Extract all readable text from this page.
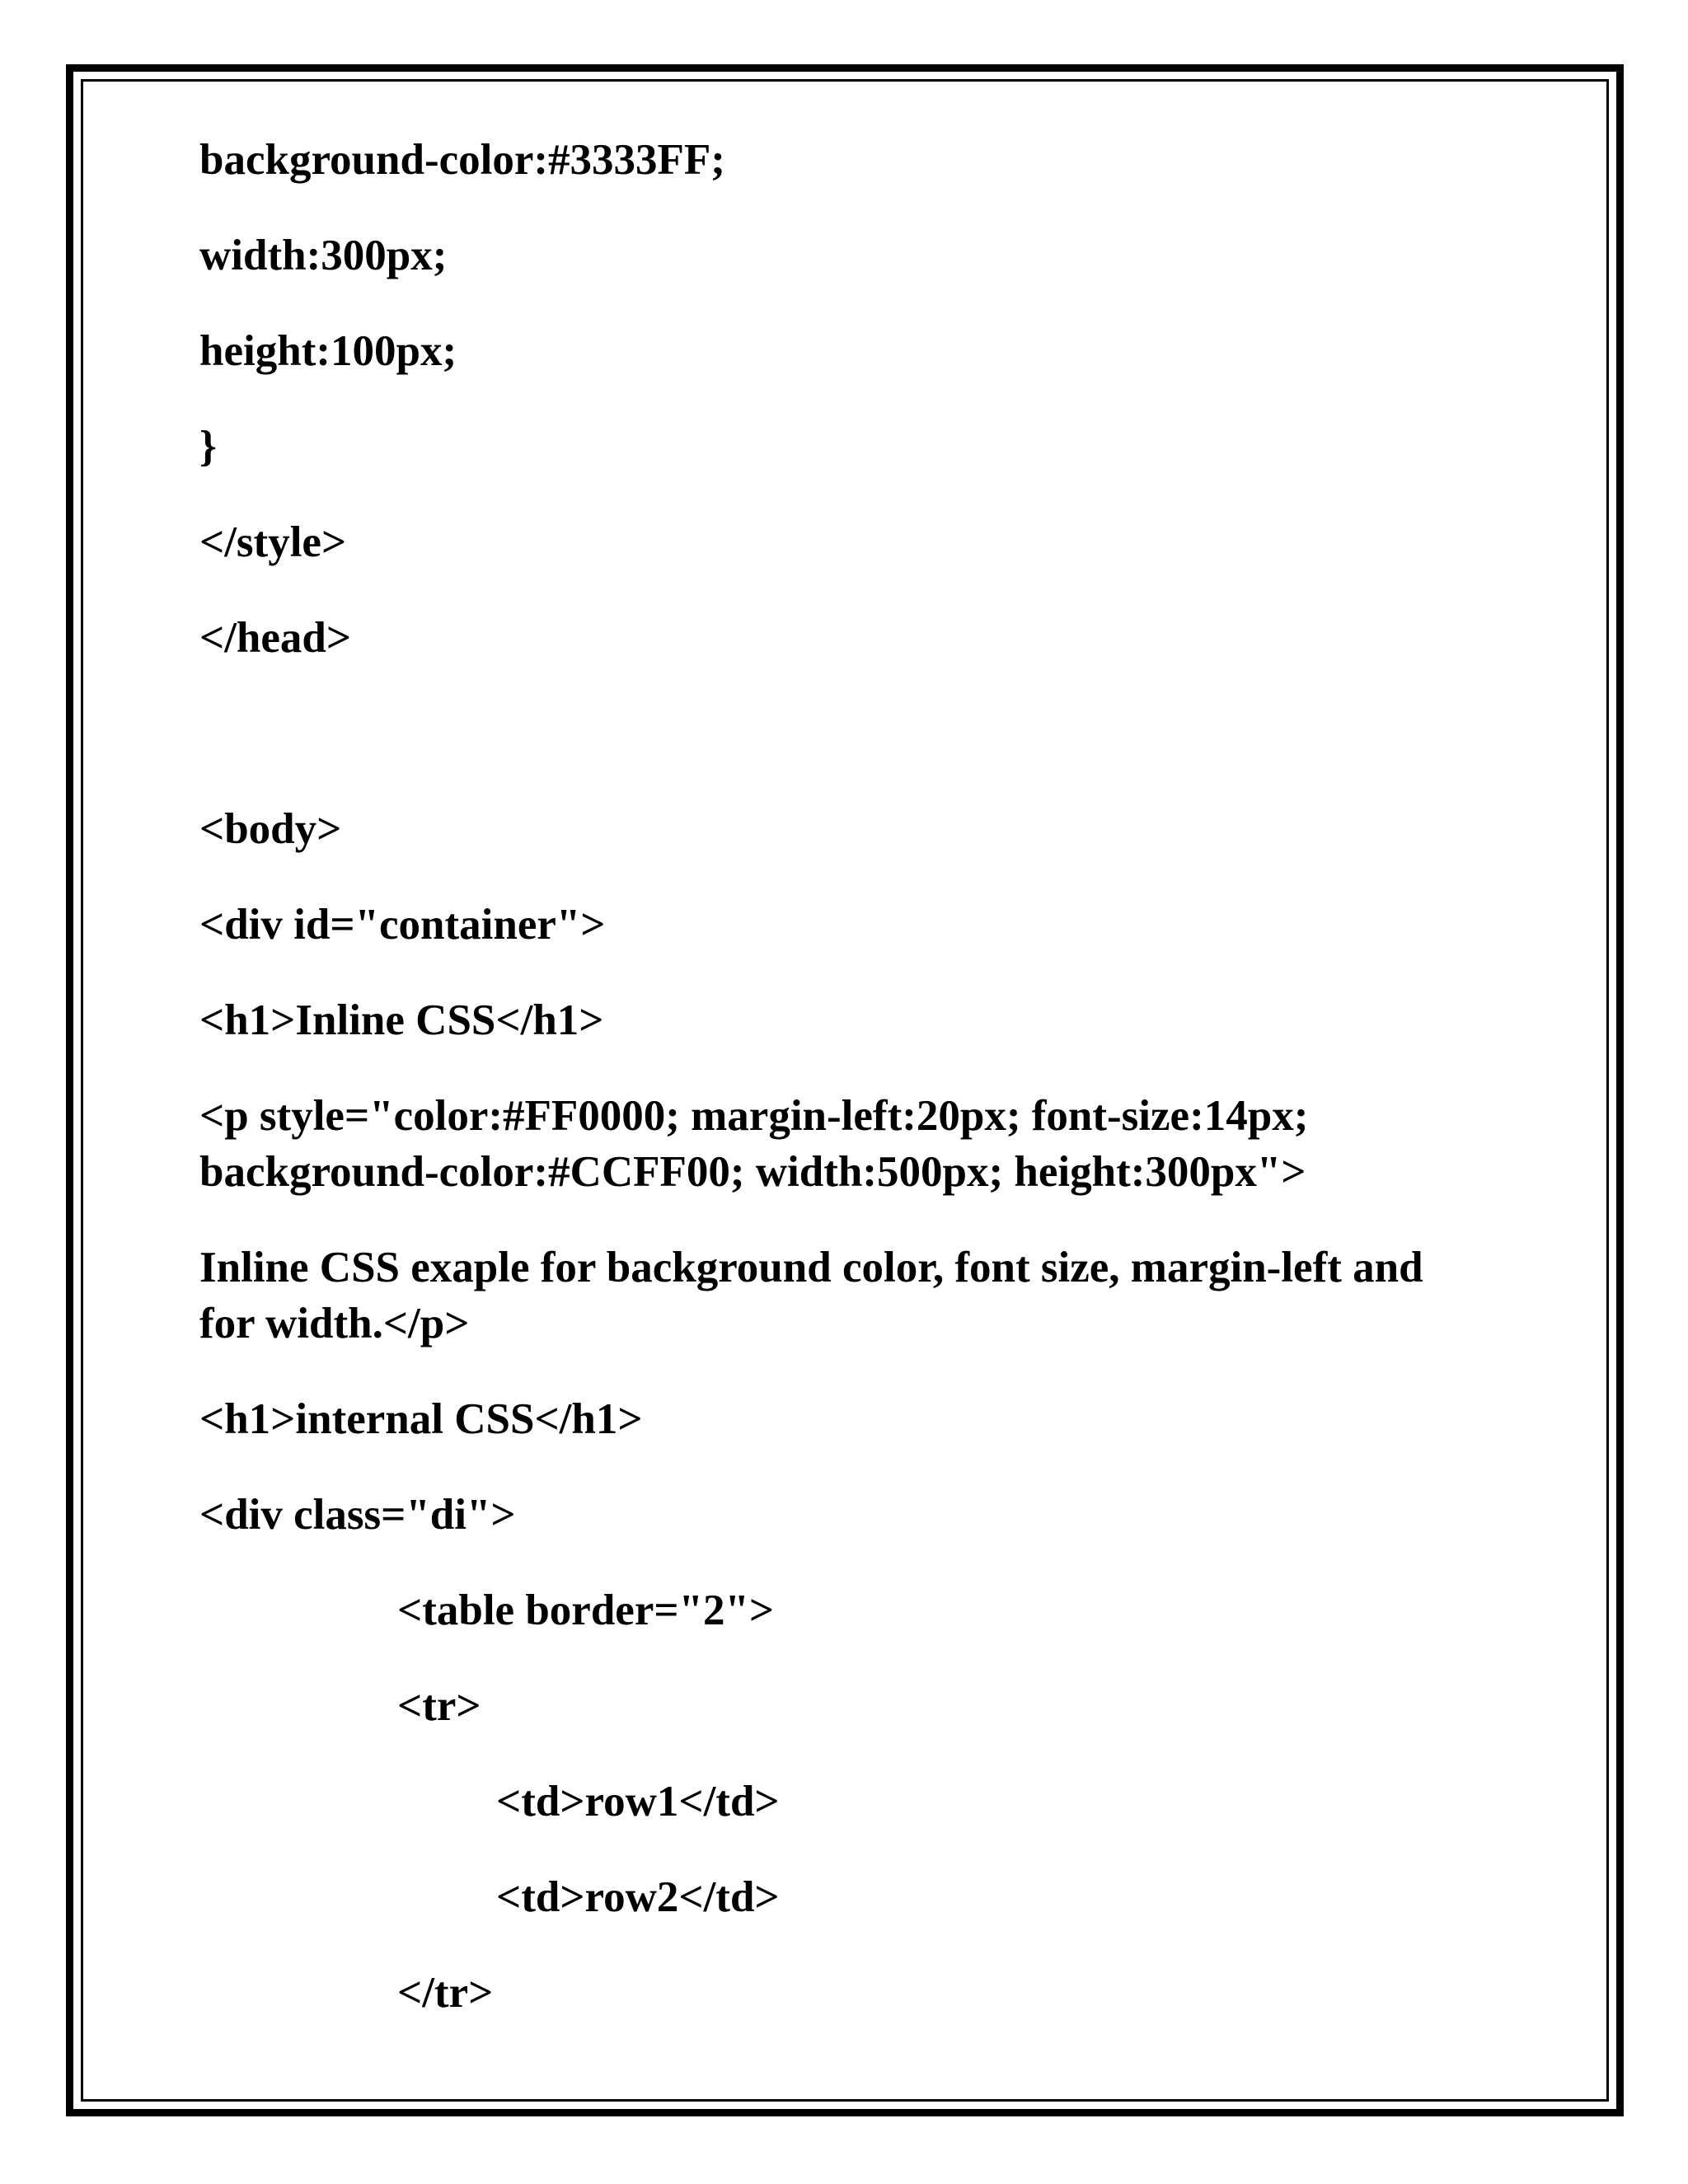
background-color:#3333FF;

width:300px;

height:100px;

}

</style>

</head>

<body>

<div id="container">

<h1>Inline CSS</h1>

<p style="color:#FF0000; margin-left:20px; font-size:14px; background-color:#CCFF00; width:500px; height:300px">

Inline CSS exaple for background color, font size, margin-left and for width.</p>

<h1>internal CSS</h1>

<div class="di">

<table border="2">

<tr>

<td>row1</td>

<td>row2</td>

</tr>
